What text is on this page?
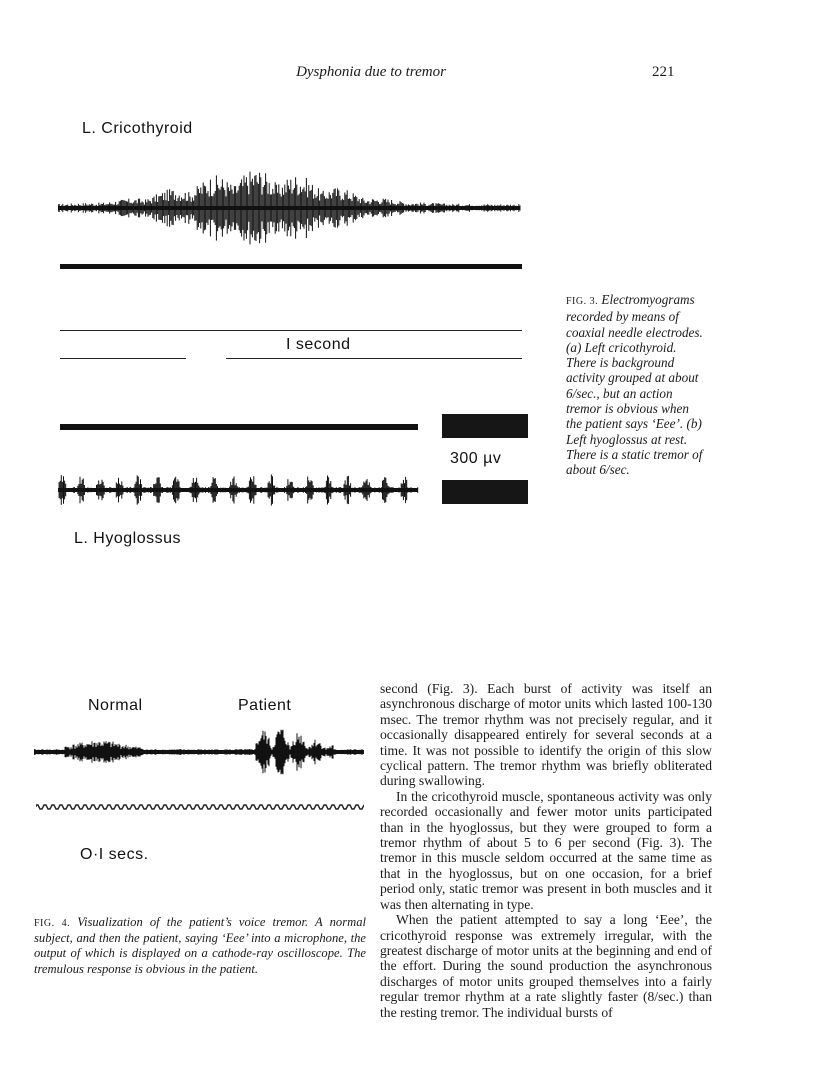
Dysphonia due to tremor	221
L. Cricothyroid
I second
300 µv
L. Hyoglossus
FIG. 3. Electromyograms recorded by means of coaxial needle electrodes. (a) Left cricothyroid. There is background activity grouped at about 6/sec., but an action tremor is obvious when the patient says ‘Eee’. (b) Left hyoglossus at rest. There is a static tremor of about 6/sec.
Normal	Patient
O·I secs.
FIG. 4. Visualization of the patient’s voice tremor. A normal subject, and then the patient, saying ‘Eee’ into a microphone, the output of which is displayed on a cathode-ray oscilloscope. The tremulous response is obvious in the patient.

second (Fig. 3). Each burst of activity was itself an asynchronous discharge of motor units which lasted 100-130 msec. The tremor rhythm was not precisely regular, and it occasionally disappeared entirely for several seconds at a time. It was not possible to identify the origin of this slow cyclical pattern. The tremor rhythm was briefly obliterated during swallowing.

In the cricothyroid muscle, spontaneous activity was only recorded occasionally and fewer motor units participated than in the hyoglossus, but they were grouped to form a tremor rhythm of about 5 to 6 per second (Fig. 3). The tremor in this muscle seldom occurred at the same time as that in the hyoglossus, but on one occasion, for a brief period only, static tremor was present in both muscles and it was then alternating in type.

When the patient attempted to say a long ‘Eee’, the cricothyroid response was extremely irregular, with the greatest discharge of motor units at the beginning and end of the effort. During the sound production the asynchronous discharges of motor units grouped themselves into a fairly regular tremor rhythm at a rate slightly faster (8/sec.) than the resting tremor. The individual bursts of
